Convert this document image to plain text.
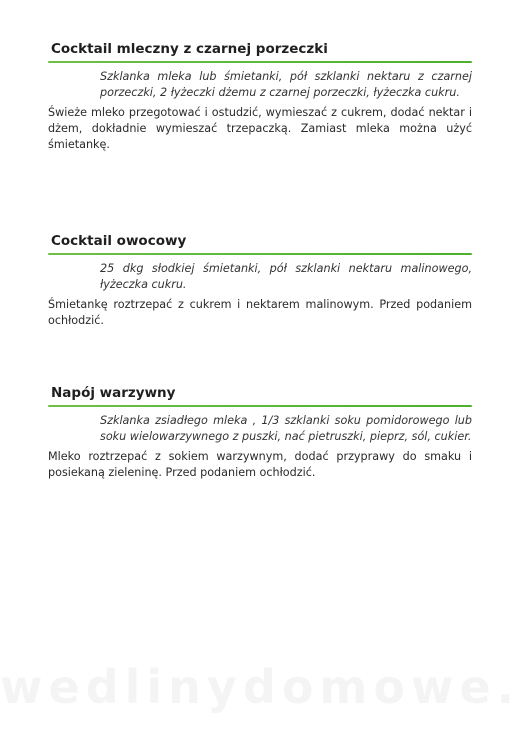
Cocktail mleczny z czarnej porzeczki

Szklanka mleka lub śmietanki, pół szklanki nektaru z czarnej porzeczki, 2 łyżeczki dżemu z czarnej porzeczki, łyżeczka cukru.

Świeże mleko przegotować i ostudzić, wymieszać z cukrem, dodać nektar i dżem, dokładnie wymieszać trzepaczką. Zamiast mleka można użyć śmietankę.

Cocktail owocowy

25 dkg słodkiej śmietanki, pół szklanki nektaru malinowego, łyżeczka cukru.

Śmietankę roztrzepać z cukrem i nektarem malinowym. Przed podaniem ochłodzić.

Napój warzywny

Szklanka zsiadłego mleka , 1/3 szklanki soku pomidorowego lub soku wielowarzywnego z puszki, nać pietruszki, pieprz, sól, cukier.

Mleko roztrzepać z sokiem warzywnym, dodać przyprawy do smaku i posiekaną zieleninę. Przed podaniem ochłodzić.
